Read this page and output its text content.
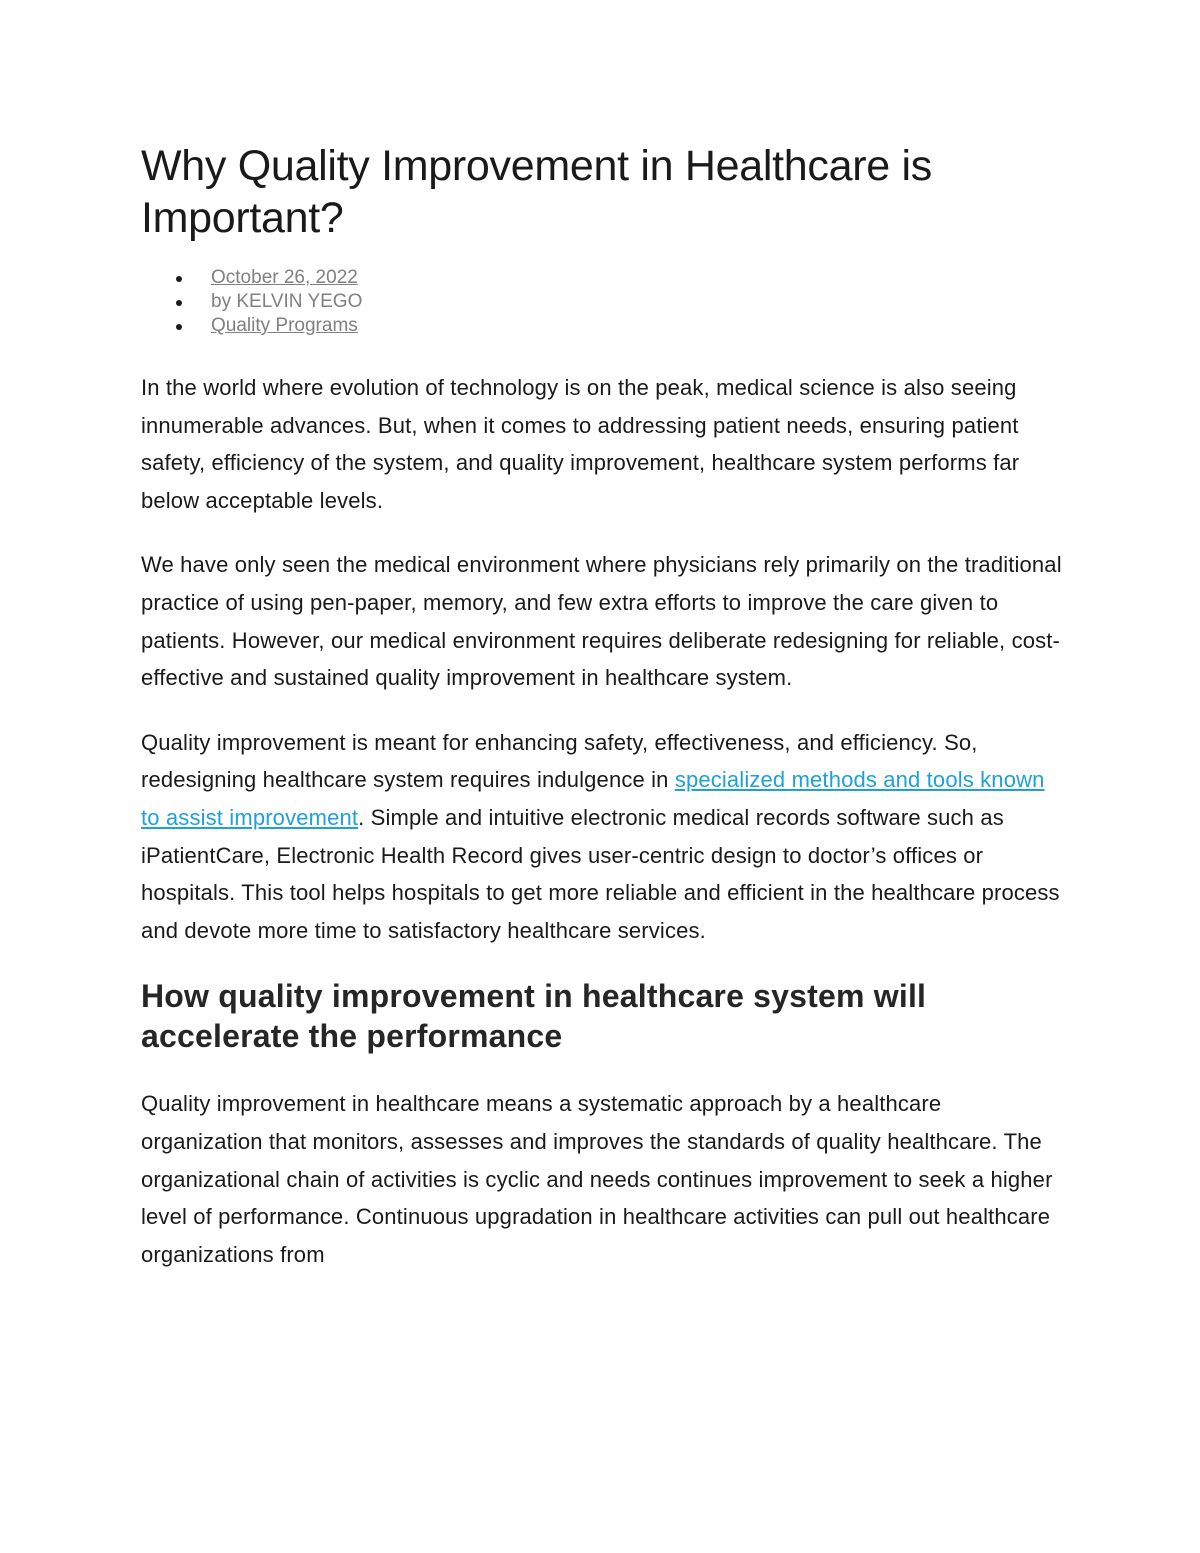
Why Quality Improvement in Healthcare is Important?
October 26, 2022
by KELVIN YEGO
Quality Programs

In the world where evolution of technology is on the peak, medical science is also seeing innumerable advances. But, when it comes to addressing patient needs, ensuring patient safety, efficiency of the system, and quality improvement, healthcare system performs far below acceptable levels.

We have only seen the medical environment where physicians rely primarily on the traditional practice of using pen-paper, memory, and few extra efforts to improve the care given to patients. However, our medical environment requires deliberate redesigning for reliable, cost-effective and sustained quality improvement in healthcare system.

Quality improvement is meant for enhancing safety, effectiveness, and efficiency. So, redesigning healthcare system requires indulgence in specialized methods and tools known to assist improvement. Simple and intuitive electronic medical records software such as iPatientCare, Electronic Health Record gives user-centric design to doctor’s offices or hospitals. This tool helps hospitals to get more reliable and efficient in the healthcare process and devote more time to satisfactory healthcare services.

How quality improvement in healthcare system will accelerate the performance

Quality improvement in healthcare means a systematic approach by a healthcare organization that monitors, assesses and improves the standards of quality healthcare. The organizational chain of activities is cyclic and needs continues improvement to seek a higher level of performance. Continuous upgradation in healthcare activities can pull out healthcare organizations from
